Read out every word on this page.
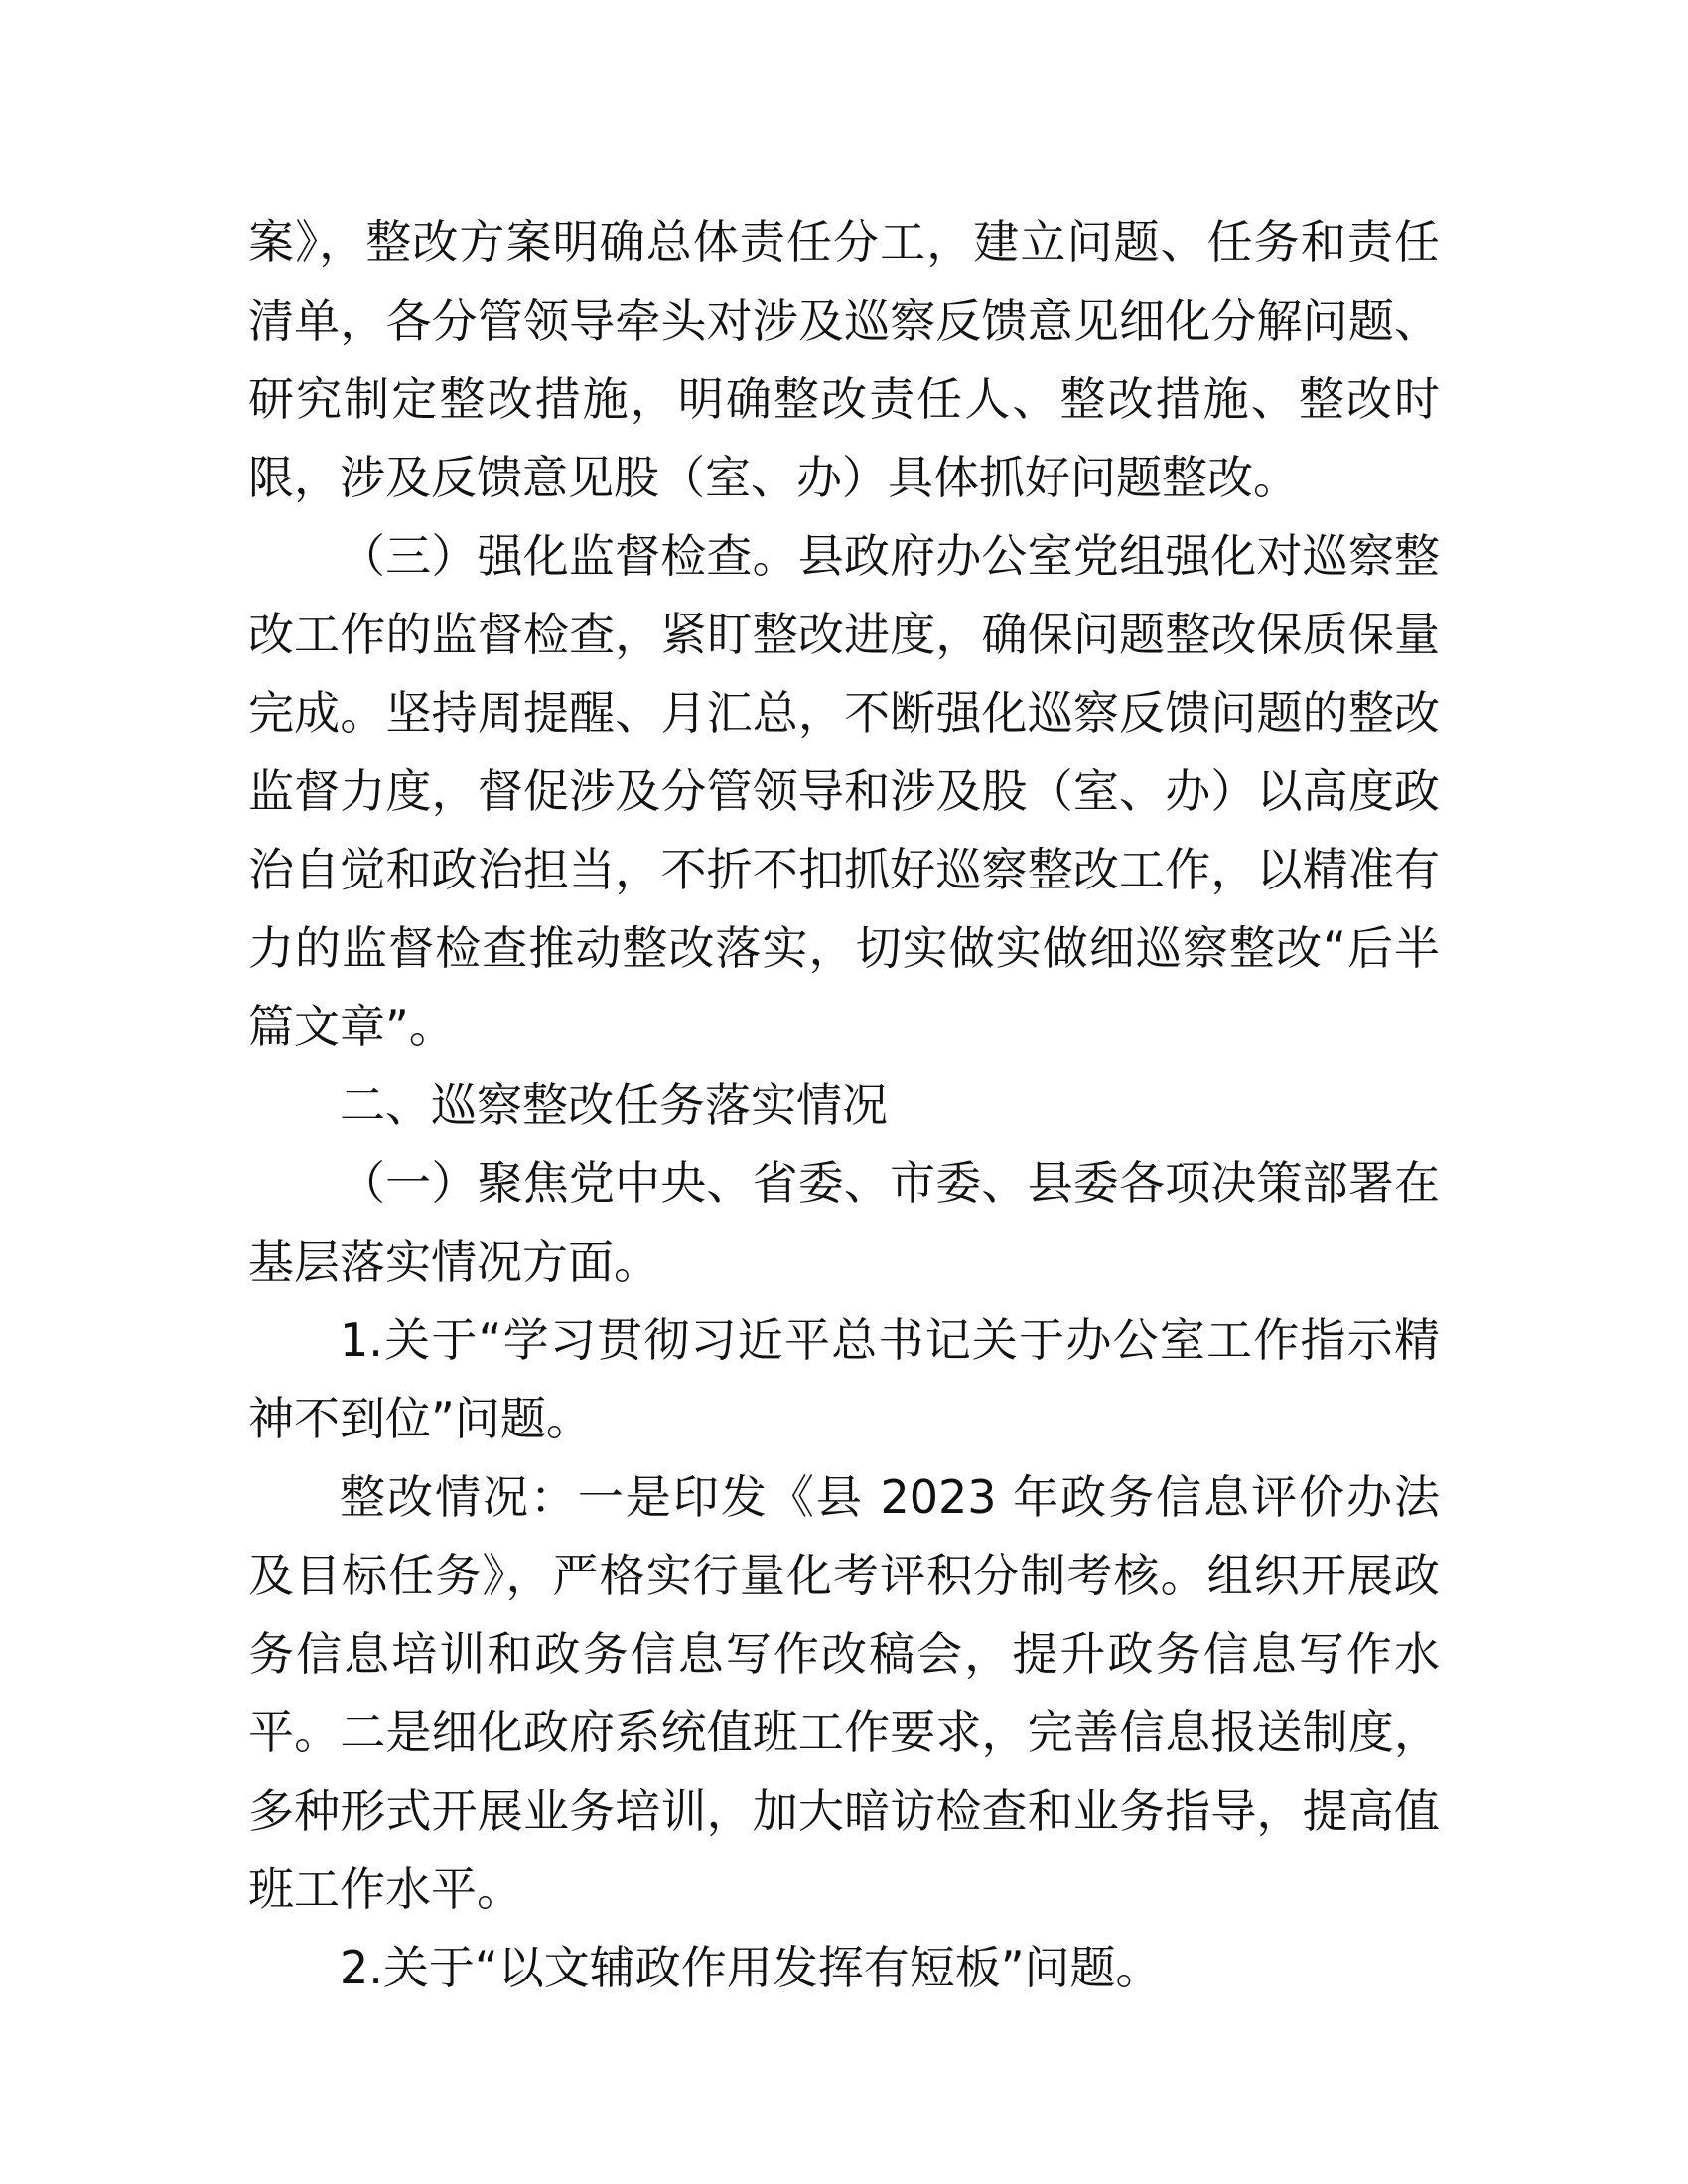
案》，整改方案明确总体责任分工，建立问题、任务和责任清单，各分管领导牵头对涉及巡察反馈意见细化分解问题、研究制定整改措施，明确整改责任人、整改措施、整改时限，涉及反馈意见股（室、办）具体抓好问题整改。

（三）强化监督检查。县政府办公室党组强化对巡察整改工作的监督检查，紧盯整改进度，确保问题整改保质保量完成。坚持周提醒、月汇总，不断强化巡察反馈问题的整改监督力度，督促涉及分管领导和涉及股（室、办）以高度政治自觉和政治担当，不折不扣抓好巡察整改工作，以精准有力的监督检查推动整改落实，切实做实做细巡察整改“后半篇文章”。

二、巡察整改任务落实情况

（一）聚焦党中央、省委、市委、县委各项决策部署在基层落实情况方面。

1.关于“学习贯彻习近平总书记关于办公室工作指示精神不到位”问题。

整改情况：一是印发《县 2023 年政务信息评价办法及目标任务》，严格实行量化考评积分制考核。组织开展政务信息培训和政务信息写作改稿会，提升政务信息写作水平。二是细化政府系统值班工作要求，完善信息报送制度，多种形式开展业务培训，加大暗访检查和业务指导，提高值班工作水平。

2.关于“以文辅政作用发挥有短板”问题。
